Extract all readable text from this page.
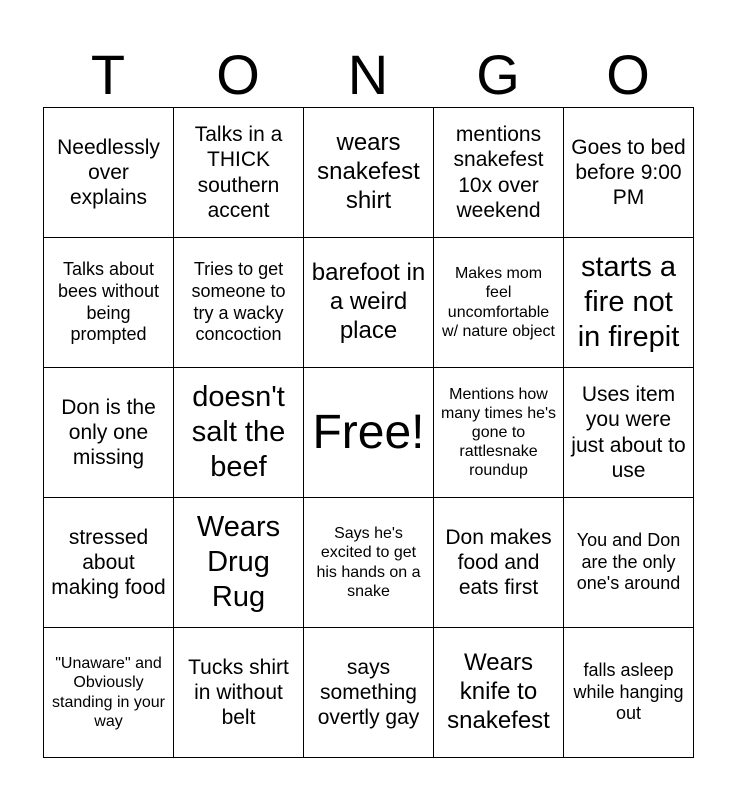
T	O	N	G	O
Needlessly over explains	Talks in a THICK southern accent	wears snakefest shirt	mentions snakefest 10x over weekend	Goes to bed before 9:00 PM
Talks about bees without being prompted	Tries to get someone to try a wacky concoction	barefoot in a weird place	Makes mom feel uncomfortable w/ nature object	starts a fire not in firepit
Don is the only one missing	doesn't salt the beef	Free!	Mentions how many times he's gone to rattlesnake roundup	Uses item you were just about to use
stressed about making food	Wears Drug Rug	Says he's excited to get his hands on a snake	Don makes food and eats first	You and Don are the only one's around
"Unaware" and Obviously standing in your way	Tucks shirt in without belt	says something overtly gay	Wears knife to snakefest	falls asleep while hanging out
